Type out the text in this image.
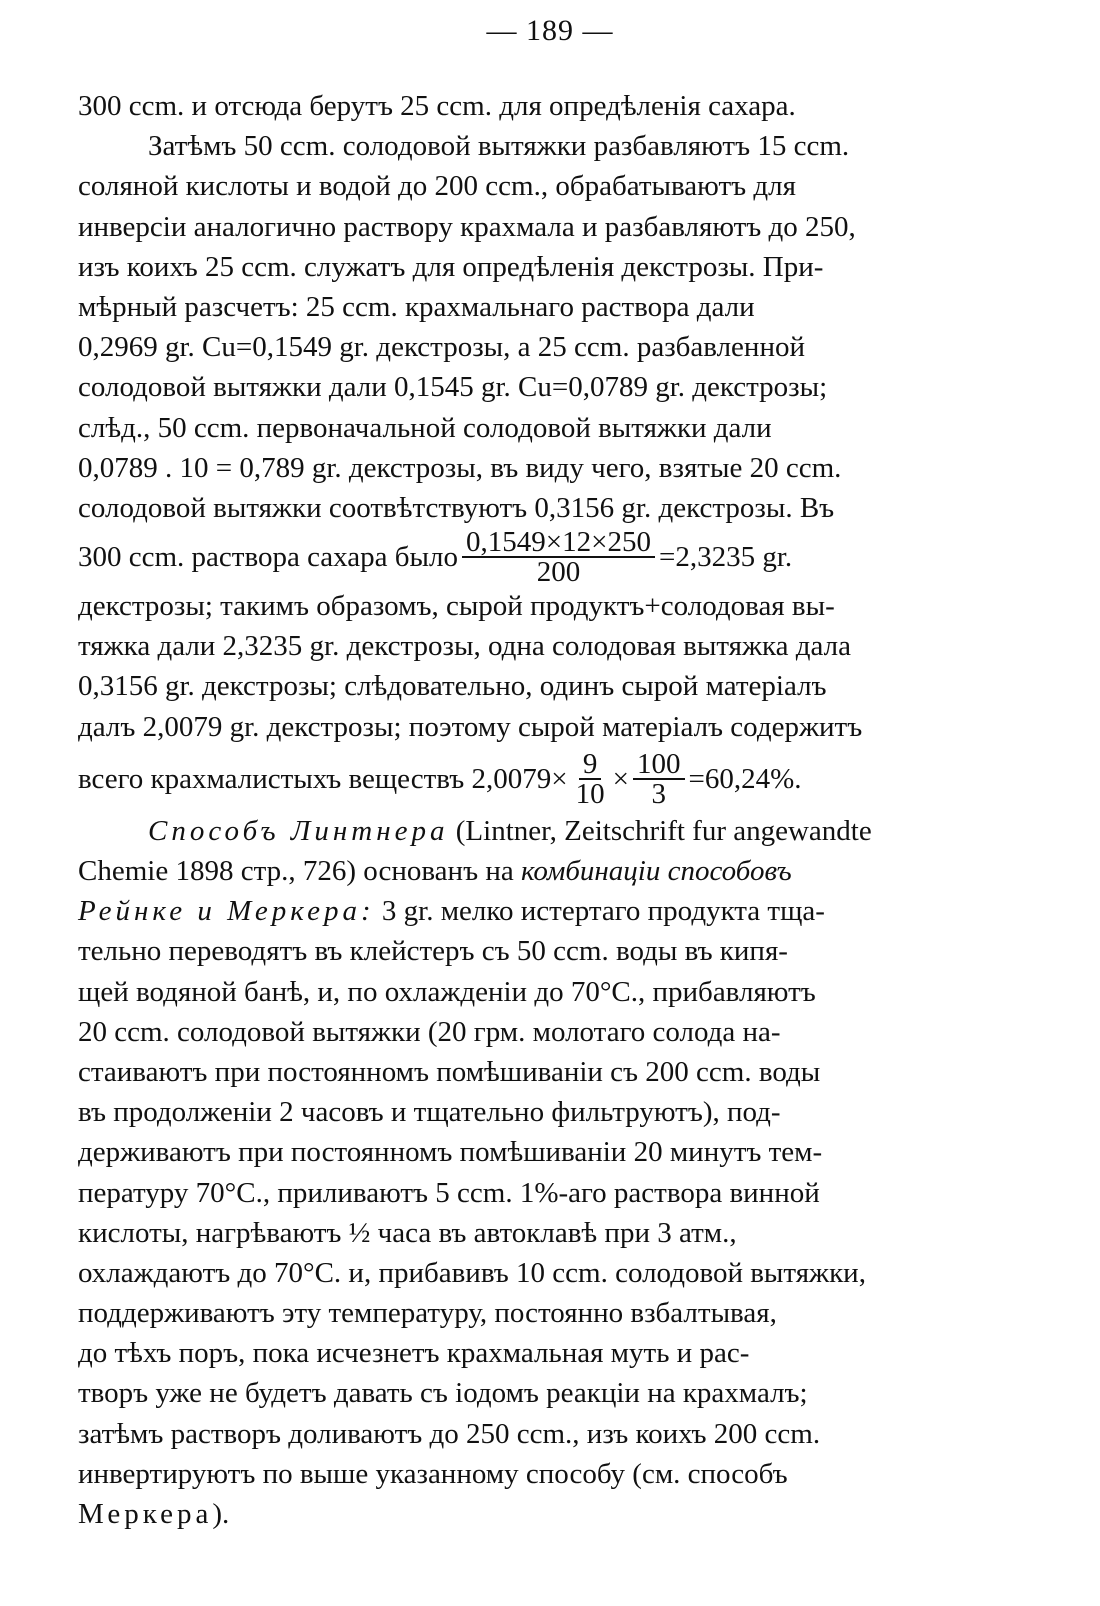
— 189 —
300 ccm. и отсюда берутъ 25 ccm. для опредѣленія сахара.
Затѣмъ 50 ccm. солодовой вытяжки разбавляютъ 15 ccm.
соляной кислоты и водой до 200 ccm., обрабатываютъ для
инверсіи аналогично раствору крахмала и разбавляютъ до 250,
изъ коихъ 25 ccm. служатъ для опредѣленія декстрозы. При-
мѣрный разсчетъ: 25 ccm. крахмальнаго раствора дали
0,2969 gr. Cu=0,1549 gr. декстрозы, а 25 ccm. разбавленной
солодовой вытяжки дали 0,1545 gr. Cu=0,0789 gr. декстрозы;
слѣд., 50 ccm. первоначальной солодовой вытяжки дали
0,0789 . 10 = 0,789 gr. декстрозы, въ виду чего, взятые 20 ccm.
солодовой вытяжки соотвѣтствуютъ 0,3156 gr. декстрозы. Въ
300 ccm. раствора сахара было $\frac{0,1549\times 12\times 250}{200} =2,3235$ gr.
декстрозы; такимъ образомъ, сырой продуктъ+солодовая вы-
тяжка дали 2,3235 gr. декстрозы, одна солодовая вытяжка дала
0,3156 gr. декстрозы; слѣдовательно, одинъ сырой матеріалъ
далъ 2,0079 gr. декстрозы; поэтому сырой матеріалъ содержитъ
всего крахмалистыхъ веществъ $2,0079\times \frac{9}{10} \times \frac{100}{3} =60,24\%$.
Способъ Линтнера
(Lintner, Zeitschrift fur angewandte
Chemie 1898 стр., 726) основанъ на
комбинаціи способовъ
Рейнке и Меркера:
3 gr. мелко истертаго продукта тща-
тельно переводятъ въ клейстеръ съ 50 ccm. воды въ кипя-
щей водяной банѣ, и, по охлажденіи до 70°C., прибавляютъ
20 ccm. солодовой вытяжки (20 грм. молотаго солода на-
стаиваютъ при постоянномъ помѣшиваніи съ 200 ccm. воды
въ продолженіи 2 часовъ и тщательно фильтруютъ), под-
держиваютъ при постоянномъ помѣшиваніи 20 минутъ тем-
пературу 70°C., приливаютъ 5 ccm. 1%-аго раствора винной
кислоты, нагрѣваютъ ½ часа въ автоклавѣ при 3 атм.,
охлаждаютъ до 70°C. и, прибавивъ 10 ccm. солодовой вытяжки,
поддерживаютъ эту температуру, постоянно взбалтывая,
до тѣхъ поръ, пока исчезнетъ крахмальная муть и рас-
творъ уже не будетъ давать съ іодомъ реакціи на крахмалъ;
затѣмъ растворъ доливаютъ до 250 ccm., изъ коихъ 200 ccm.
инвертируютъ по выше указанному способу (см. способъ
Меркера ).
